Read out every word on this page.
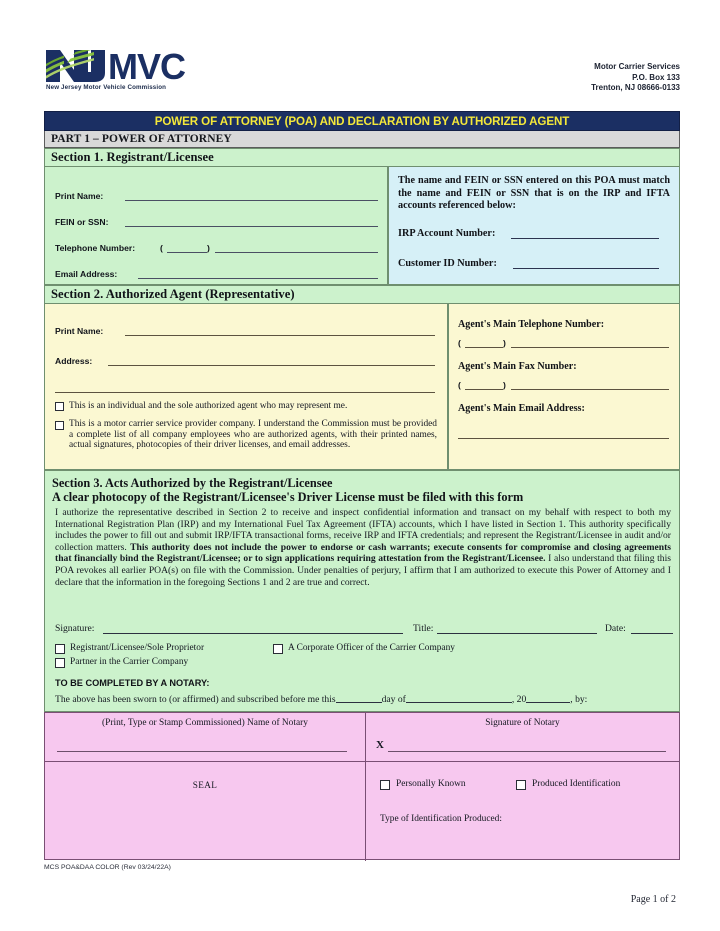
MVC
New Jersey Motor Vehicle Commission
Motor Carrier Services
P.O. Box 133
Trenton, NJ 08666-0133
POWER OF ATTORNEY (POA) AND DECLARATION BY AUTHORIZED AGENT
PART 1 – POWER OF ATTORNEY
Section 1. Registrant/Licensee
Print Name:
FEIN or SSN:
Telephone Number:	(	)
Email Address:
The name and FEIN or SSN entered on this POA must match the name and FEIN or SSN that is on the IRP and IFTA accounts referenced below:
IRP Account Number:
Customer ID Number:
Section 2. Authorized Agent (Representative)
Print Name:
Address:
This is an individual and the sole authorized agent who may represent me.
This is a motor carrier service provider company. I understand the Commission must be provided a complete list of all company employees who are authorized agents, with their printed names, actual signatures, photocopies of their driver licenses, and email addresses.
Agent's Main Telephone Number:
(	)
Agent's Main Fax Number:
(	)
Agent's Main Email Address:
Section 3. Acts Authorized by the Registrant/Licensee
A clear photocopy of the Registrant/Licensee's Driver License must be filed with this form
I authorize the representative described in Section 2 to receive and inspect confidential information and transact on my behalf with respect to both my International Registration Plan (IRP) and my International Fuel Tax Agreement (IFTA) accounts, which I have listed in Section 1. This authority specifically includes the power to fill out and submit IRP/IFTA transactional forms, receive IRP and IFTA credentials; and represent the Registrant/Licensee in audit and/or collection matters. This authority does not include the power to endorse or cash warrants; execute consents for compromise and closing agreements that financially bind the Registrant/Licensee; or to sign applications requiring attestation from the Registrant/Licensee. I also understand that filing this POA revokes all earlier POA(s) on file with the Commission. Under penalties of perjury, I affirm that I am authorized to execute this Power of Attorney and I declare that the information in the foregoing Sections 1 and 2 are true and correct.
Signature:	Title:	Date:
Registrant/Licensee/Sole Proprietor	A Corporate Officer of the Carrier Company
Partner in the Carrier Company
TO BE COMPLETED BY A NOTARY:
The above has been sworn to (or affirmed) and subscribed before me this	day of	, 20	, by:
(Print, Type or Stamp Commissioned) Name of Notary	Signature of Notary
X
SEAL	Personally Known	Produced Identification
Type of Identification Produced:
MCS POA&DAA COLOR (Rev 03/24/22A)
Page 1 of 2
